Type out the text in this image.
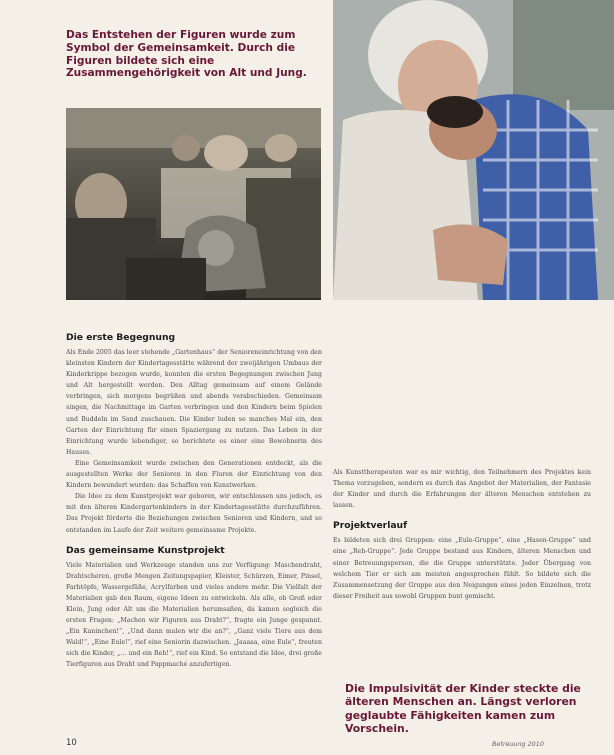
Das Entstehen der Figuren wurde zum Symbol der Gemeinsamkeit. Durch die Figuren bildete sich eine Zusammengehörigkeit von Alt und Jung.

Die erste Begegnung

Als Ende 2005 das leer stehende „Gartenhaus“ der Senioreneinrichtung von den kleinsten Kindern der Kindertagesstätte während der zweijährigen Umbaus der Kinderkrippe bezogen wurde, konnten die ersten Begegnungen zwischen Jung und Alt hergestellt werden. Den Alltag gemeinsam auf einem Gelände verbringen, sich morgens begrüßen und abends verabschieden. Gemeinsam singen, die Nachmittage im Garten verbringen und den Kindern beim Spielen und Buddeln im Sand zuschauen. Die Kinder luden so manches Mal ein, den Garten der Einrichtung für einen Spaziergang zu nutzen. Das Leben in der Einrichtung wurde lebendiger, so berichtete es einer eine Bewohnerin des Hauses.

Eine Gemeinsamkeit wurde zwischen den Generationen entdeckt, als die ausgestellten Werke der Senioren in den Fluren der Einrichtung von den Kindern bewundert wurden: das Schaffen von Kunstwerken.

Die Idee zu dem Kunstprojekt war geboren, wir entschlossen uns jedoch, es mit den älteren Kindergartenkindern in der Kindertagesstätte durchzuführen. Das Projekt förderte die Beziehungen zwischen Senioren und Kindern, und so entstanden im Laufe der Zeit weitere gemeinsame Projekte.

Das gemeinsame Kunstprojekt

Viele Materialien und Werkzeuge standen uns zur Verfügung: Maschendraht, Drahtscheren, große Mengen Zeitungspapier, Kleister, Schürzen, Eimer, Pinsel, Farbtöpfe, Wassergefäße, Acrylfarben und vieles andere mehr. Die Vielfalt der Materialien gab den Raum, eigene Ideen zu entwickeln. Als alle, ob Groß oder Klein, Jung oder Alt um die Materialien herumsaßen, da kamen sogleich die ersten Fragen: „Machen wir Figuren aus Draht?“, fragte ein Junge gespannt. „Ein Kaninchen!“, „Und dann malen wir die an?“, „Ganz viele Tiere aus dem Wald!“, „Eine Eule!“, rief eine Seniorin dazwischen. „Jaaaaa, eine Eule“, freuten sich die Kinder, „... und ein Reh!“, rief ein Kind. So entstand die Idee, drei große Tierfiguren aus Draht und Pappmaché anzufertigen.

Als Kunsttherapeuten war es mir wichtig, den Teilnehmern des Projektes kein Thema vorzugeben, sondern es durch das Angebot der Materialien, der Fantasie der Kinder und durch die Erfahrungen der älteren Menschen entstehen zu lassen.

Projektverlauf

Es bildeten sich drei Gruppen: eine „Eule-Gruppe“, eine „Hasen-Gruppe“ und eine „Reh-Gruppe“. Jede Gruppe bestand aus Kindern, älteren Menschen und einer Betreuungsperson, die die Gruppe unterstützte. Jeder Übergang von welchem Tier er sich am meisten angesprochen fühlt. So bildete sich die Zusammensetzung der Gruppe aus den Neigungen eines jeden Einzelnen, trotz dieser Freiheit aus sowohl Gruppen bunt gemischt.

Die Impulsivität der Kinder steckte die älteren Menschen an. Längst verloren geglaubte Fähigkeiten kamen zum Vorschein.

10	Betreuung 2010
